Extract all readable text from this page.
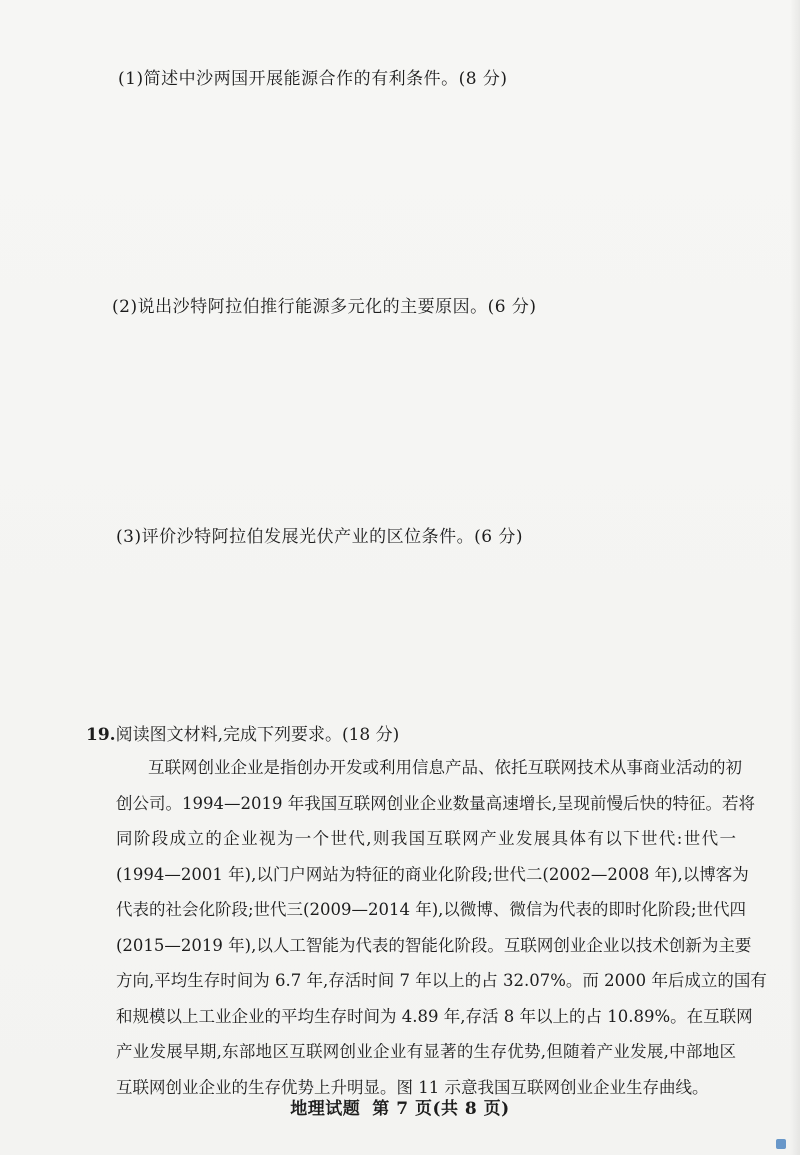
(1)简述中沙两国开展能源合作的有利条件。(8 分)
(2)说出沙特阿拉伯推行能源多元化的主要原因。(6 分)
(3)评价沙特阿拉伯发展光伏产业的区位条件。(6 分)
19.阅读图文材料,完成下列要求。(18 分)
互联网创业企业是指创办开发或利用信息产品、依托互联网技术从事商业活动的初
创公司。1994—2019 年我国互联网创业企业数量高速增长,呈现前慢后快的特征。若将
同阶段成立的企业视为一个世代,则我国互联网产业发展具体有以下世代:世代一
(1994—2001 年),以门户网站为特征的商业化阶段;世代二(2002—2008 年),以博客为
代表的社会化阶段;世代三(2009—2014 年),以微博、微信为代表的即时化阶段;世代四
(2015—2019 年),以人工智能为代表的智能化阶段。互联网创业企业以技术创新为主要
方向,平均生存时间为 6.7 年,存活时间 7 年以上的占 32.07%。而 2000 年后成立的国有
和规模以上工业企业的平均生存时间为 4.89 年,存活 8 年以上的占 10.89%。在互联网
产业发展早期,东部地区互联网创业企业有显著的生存优势,但随着产业发展,中部地区
互联网创业企业的生存优势上升明显。图 11 示意我国互联网创业企业生存曲线。
地理试题 第 7 页(共 8 页)
